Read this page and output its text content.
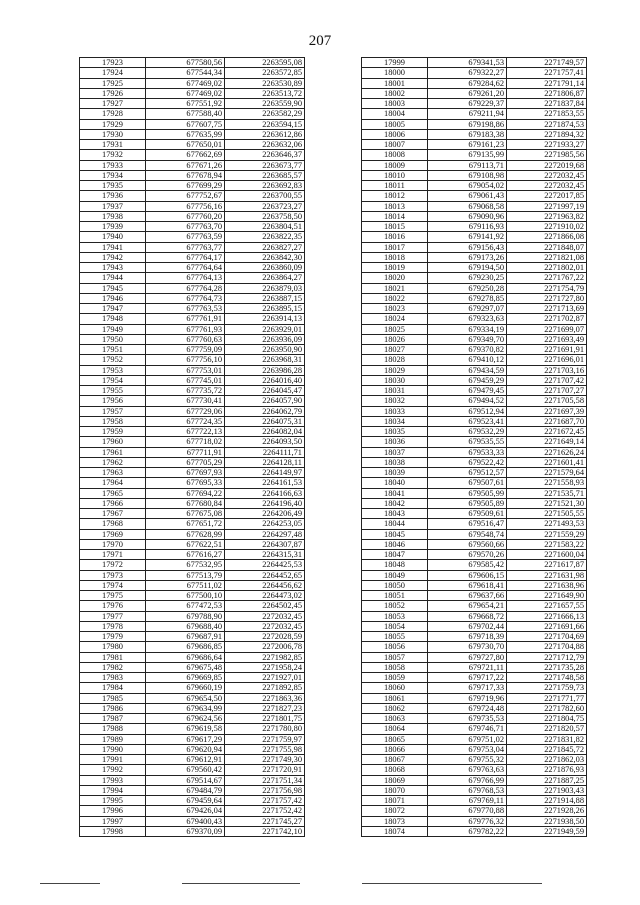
207
17923	677580,56	2263595,08
17924	677544,34	2263572,85
17925	677469,02	2263530,89
17926	677469,02	2263513,72
17927	677551,92	2263559,90
17928	677588,40	2263582,29
17929	677607,75	2263594,15
17930	677635,99	2263612,86
17931	677650,01	2263632,06
17932	677662,69	2263646,37
17933	677671,26	2263673,77
17934	677678,94	2263685,57
17935	677699,29	2263692,83
17936	677752,67	2263700,55
17937	677756,16	2263723,27
17938	677760,20	2263758,50
17939	677763,70	2263804,51
17940	677763,59	2263822,35
17941	677763,77	2263827,27
17942	677764,17	2263842,30
17943	677764,64	2263860,09
17944	677764,13	2263864,27
17945	677764,28	2263879,03
17946	677764,73	2263887,15
17947	677763,53	2263895,15
17948	677761,91	2263914,13
17949	677761,93	2263929,01
17950	677760,63	2263936,09
17951	677759,09	2263950,90
17952	677756,10	2263968,31
17953	677753,01	2263986,28
17954	677745,01	2264016,40
17955	677735,72	2264045,47
17956	677730,41	2264057,90
17957	677729,06	2264062,79
17958	677724,35	2264075,31
17959	677722,13	2264082,04
17960	677718,02	2264093,50
17961	677711,91	2264111,71
17962	677705,29	2264128,11
17963	677697,93	2264149,97
17964	677695,33	2264161,53
17965	677694,22	2264166,63
17966	677680,84	2264196,40
17967	677675,08	2264206,49
17968	677651,72	2264253,05
17969	677628,99	2264297,48
17970	677622,51	2264307,87
17971	677616,27	2264315,31
17972	677532,95	2264425,53
17973	677513,79	2264452,65
17974	677511,02	2264456,62
17975	677500,10	2264473,02
17976	677472,53	2264502,45
17977	679788,90	2272032,45
17978	679688,40	2272032,45
17979	679687,91	2272028,59
17980	679686,85	2272006,78
17981	679686,64	2271982,85
17982	679675,48	2271958,24
17983	679669,85	2271927,01
17984	679660,19	2271892,85
17985	679654,50	2271863,36
17986	679634,99	2271827,23
17987	679624,56	2271801,75
17988	679619,58	2271780,80
17989	679617,29	2271759,97
17990	679620,94	2271755,98
17991	679612,91	2271749,30
17992	679560,42	2271720,91
17993	679514,67	2271751,34
17994	679484,79	2271756,98
17995	679459,64	2271757,42
17996	679426,04	2271752,42
17997	679400,43	2271745,27
17998	679370,09	2271742,10
17999	679341,53	2271749,57
18000	679322,27	2271757,41
18001	679284,62	2271791,14
18002	679261,20	2271806,87
18003	679229,37	2271837,84
18004	679211,94	2271853,55
18005	679198,86	2271874,53
18006	679183,38	2271894,32
18007	679161,23	2271933,27
18008	679135,99	2271985,56
18009	679113,71	2272019,68
18010	679108,98	2272032,45
18011	679054,02	2272032,45
18012	679061,43	2272017,85
18013	679068,58	2271997,19
18014	679090,96	2271963,82
18015	679116,93	2271910,02
18016	679141,92	2271866,08
18017	679156,43	2271848,07
18018	679173,26	2271821,08
18019	679194,50	2271802,01
18020	679230,25	2271767,22
18021	679250,28	2271754,79
18022	679278,85	2271727,80
18023	679297,07	2271713,69
18024	679323,63	2271702,87
18025	679334,19	2271699,07
18026	679349,70	2271693,49
18027	679370,82	2271691,91
18028	679410,12	2271696,01
18029	679434,59	2271703,16
18030	679459,29	2271707,42
18031	679479,45	2271707,27
18032	679494,52	2271705,58
18033	679512,94	2271697,39
18034	679523,41	2271687,70
18035	679532,29	2271672,45
18036	679535,55	2271649,14
18037	679533,33	2271626,24
18038	679522,42	2271601,41
18039	679512,57	2271579,64
18040	679507,61	2271558,93
18041	679505,99	2271535,71
18042	679505,89	2271521,30
18043	679509,61	2271505,55
18044	679516,47	2271493,53
18045	679548,74	2271559,29
18046	679560,66	2271583,22
18047	679570,26	2271600,04
18048	679585,42	2271617,87
18049	679606,15	2271631,98
18050	679618,41	2271638,96
18051	679637,66	2271649,90
18052	679654,21	2271657,55
18053	679668,72	2271666,13
18054	679702,44	2271691,66
18055	679718,39	2271704,69
18056	679730,70	2271704,88
18057	679727,80	2271712,79
18058	679721,11	2271735,28
18059	679717,22	2271748,58
18060	679717,33	2271759,73
18061	679719,96	2271771,77
18062	679724,48	2271782,60
18063	679735,53	2271804,75
18064	679746,71	2271820,57
18065	679751,02	2271831,82
18066	679753,04	2271845,72
18067	679755,32	2271862,03
18068	679763,63	2271876,93
18069	679766,99	2271887,25
18070	679768,53	2271903,43
18071	679769,11	2271914,88
18072	679770,88	2271928,26
18073	679776,32	2271938,50
18074	679782,22	2271949,59
